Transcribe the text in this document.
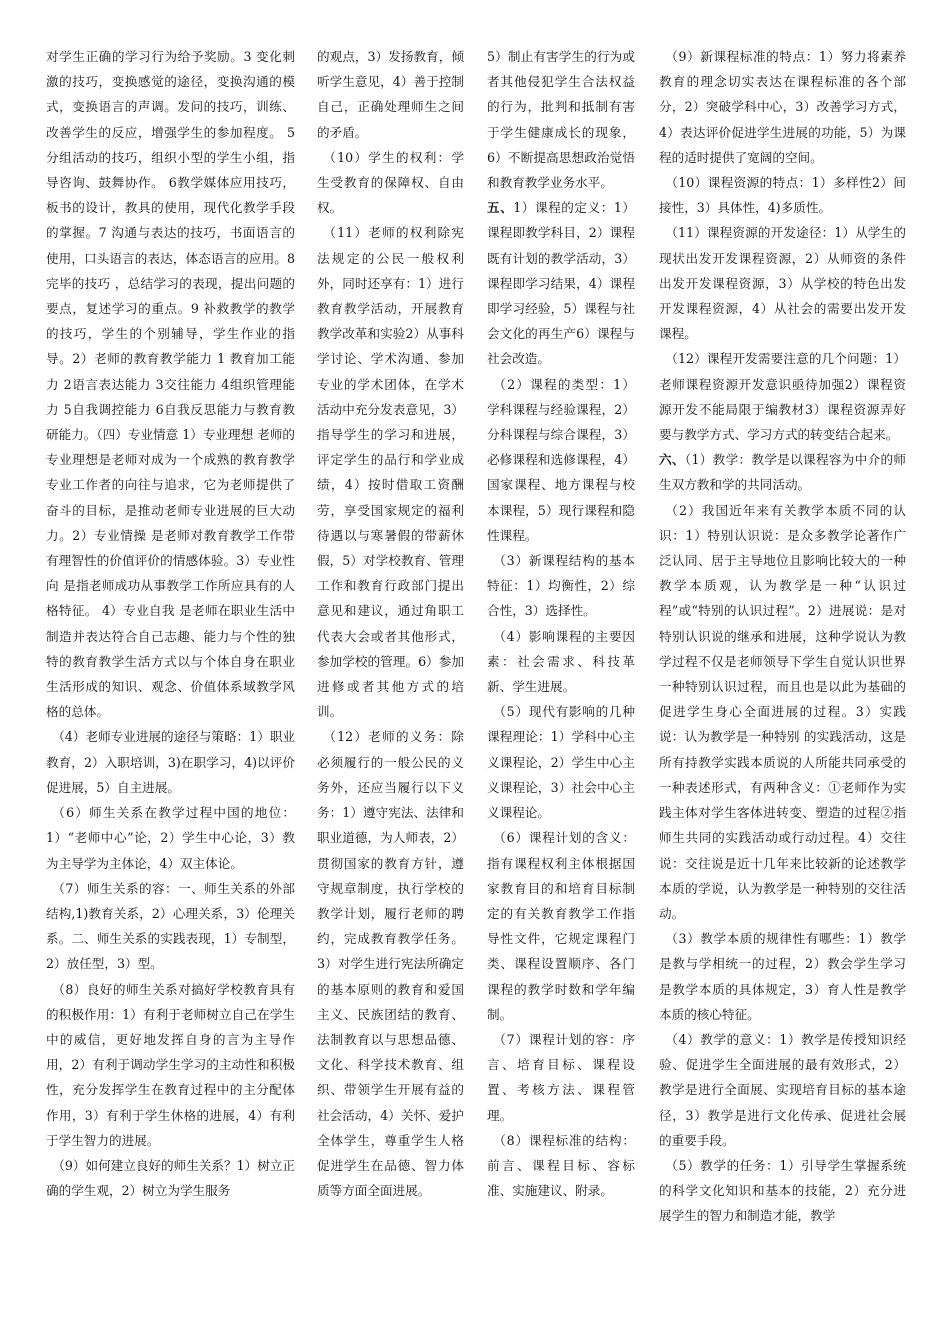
对学生正确的学习行为给予奖励。3 变化刺激的技巧，变换感觉的途径，变换沟通的模式，变换语言的声调。发问的技巧，训练、改善学生的反应，增强学生的参加程度。 5分组活动的技巧，组织小型的学生小组，指导咨询、鼓舞协作。 6教学媒体应用技巧，板书的设计，教具的使用，现代化教学手段的掌握。7 沟通与表达的技巧，书面语言的使用，口头语言的表达，体态语言的应用。8完毕的技巧 ，总结学习的表现，提出问题的要点，复述学习的重点。9 补救教学的教学的技巧，学生的个别辅导，学生作业的指导。2）老师的教育教学能力 1 教育加工能力 2语言表达能力 3交往能力 4组织管理能力 5自我调控能力 6自我反思能力与教育教研能力。（四）专业情意 1）专业理想 老师的专业理想是老师对成为一个成熟的教育教学专业工作者的向往与追求，它为老师提供了奋斗的目标，是推动老师专业进展的巨大动力。2）专业情操 是老师对教育教学工作带有理智性的价值评价的情感体验。3）专业性向 是指老师成功从事教学工作所应具有的人格特征。 4）专业自我 是老师在职业生活中制造并表达符合自己志趣、能力与个性的独特的教育教学生活方式以与个体自身在职业生活形成的知识、观念、价值体系域教学风格的总体。

（4）老师专业进展的途径与策略：1）职业教育，2）入职培训，3)在职学习，4)以评价促进展，5）自主进展。

（6）师生关系在教学过程中国的地位：1）“老师中心”论，2）学生中心论，3）教为主导学为主体论，4）双主体论。

（7）师生关系的容：一、师生关系的外部结构,1)教育关系，2）心理关系，3）伦理关系。二、师生关系的实践表现，1）专制型，2）放任型，3）型。

（8）良好的师生关系对搞好学校教育具有的积极作用：1）有利于老师树立自己在学生中的威信，更好地发挥自身的言为主导作用，2）有利于调动学生学习的主动性和积极性，充分发挥学生在教育过程中的主分配体作用，3）有利于学生休格的进展，4）有利于学生智力的进展。

（9）如何建立良好的师生关系？1）树立正确的学生观，2）树立为学生服务

的观点，3）发扬教育，倾听学生意见，4）善于控制自己，正确处理师生之间的矛盾。

（10）学生的权利：学生受教育的保障权、自由权。

（11）老师的权利除宪法规定的公民一般权利外，同时还享有：1）进行教育教学活动，开展教育教学改革和实验2）从事科学讨论、学术沟通、参加专业的学术团体，在学术活动中充分发表意见，3）指导学生的学习和进展，评定学生的品行和学业成绩，4）按时借取工资酬劳，享受国家规定的福利待遇以与寒暑假的带薪休假，5）对学校教育、管理工作和教育行政部门提出意见和建议，通过角职工代表大会或者其他形式，参加学校的管理。6）参加进修或者其他方式的培训。

（12）老师的义务：除必须履行的一般公民的义务外，还应当履行以下义务：1）遵守宪法、法律和职业道德，为人师表，2）贯彻国家的教育方针，遵守规章制度，执行学校的教学计划，履行老师的聘约，完成教育教学任务。3）对学生进行宪法所确定的基本原则的教育和爱国主义、民族团结的教育、法制教育以与思想品德、文化、科学技术教育、组织、带领学生开展有益的社会活动，4）关怀、爱护全体学生，尊重学生人格促进学生在品德、智力体质等方面全面进展。

5）制止有害学生的行为或者其他侵犯学生合法权益的行为，批判和抵制有害于学生健康成长的现象，6）不断提高思想政治觉悟和教育教学业务水平。

五、1）课程的定义：1）课程即教学科目，2）课程既有计划的教学活动，3）课程即学习结果，4）课程即学习经验，5）课程与社会文化的再生产6）课程与社会改造。

（2）课程的类型：1）学科课程与经验课程，2）分科课程与综合课程，3）必修课程和选修课程，4）国家课程、地方课程与校本课程，5）现行课程和隐性课程。

（3）新课程结构的基本特征：1）均衡性，2）综合性，3）选择性。

（4）影响课程的主要因素：社会需求、科技革新、学生进展。

（5）现代有影响的几种课程理论：1）学科中心主义课程论，2）学生中心主义课程论，3）社会中心主义课程论。

（6）课程计划的含义：指有课程权利主体根据国家教育目的和培育目标制定的有关教育教学工作指导性文件，它规定课程门类、课程设置顺序、各门课程的教学时数和学年编制。

（7）课程计划的容：序言、培育目标、课程设置、考核方法、课程管理。

（8）课程标准的结构：前言、课程目标、容标准、实施建议、附录。

（9）新课程标准的特点：1）努力将素养教育的理念切实表达在课程标准的各个部分，2）突破学科中心，3）改善学习方式，4）表达评价促进学生进展的功能，5）为课程的适时提供了宽阔的空间。

（10）课程资源的特点：1）多样性2）间接性，3）具体性，4)多质性。

（11）课程资源的开发途径：1）从学生的现状出发开发课程资源，2）从师资的条件出发开发课程资源，3）从学校的特色出发开发课程资源，4）从社会的需要出发开发课程。

（12）课程开发需要注意的几个问题：1）老师课程资源开发意识亟待加强2）课程资源开发不能局限于编教材3）课程资源弄好要与教学方式、学习方式的转变结合起来。

六、（1）教学：教学是以课程容为中介的师生双方教和学的共同活动。

（2）我国近年来有关教学本质不同的认识：1）特别认识说：是众多教学论著作广泛认同、居于主导地位且影响比较大的一种教学本质观，认为教学是一种“认识过程”或“特别的认识过程”。2）进展说：是对特别认识说的继承和进展，这种学说认为教学过程不仅是老师领导下学生自觉认识世界一种特别认识过程，而且也是以此为基础的促进学生身心全面进展的过程。3）实践说：认为教学是一种特别 的实践活动，这是所有持教学实践本质说的人所能共同承受的一种表述形式，有两种含义：①老师作为实践主体对学生客体进转变、塑造的过程②指师生共同的实践活动或行动过程。4）交往说：交往说是近十几年来比较新的论述教学本质的学说，认为教学是一种特别的交往活动。

（3）教学本质的规律性有哪些：1）教学是教与学相统一的过程，2）教会学生学习是教学本质的具体规定，3）育人性是教学本质的核心特征。

（4）教学的意义：1）教学是传授知识经验、促进学生全面进展的最有效形式，2）教学是进行全面展、实现培育目标的基本途径，3）教学是进行文化传承、促进社会展的重要手段。

（5）教学的任务：1）引导学生掌握系统的科学文化知识和基本的技能，2）充分进展学生的智力和制造才能，教学
